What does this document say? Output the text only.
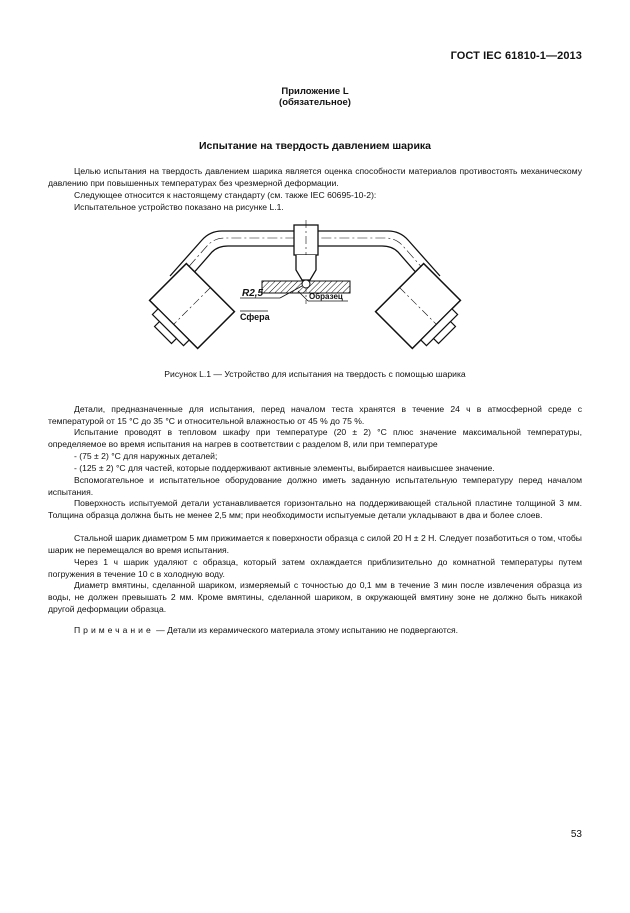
ГОСТ IEC 61810-1—2013
Приложение L
(обязательное)
Испытание на твердость давлением шарика
Целью испытания на твердость давлением шарика является оценка способности материалов противостоять механическому давлению при повышенных температурах без чрезмерной деформации.
Следующее относится к настоящему стандарту (см. также IEC 60695-10-2):
Испытательное устройство показано на рисунке L.1.
R2,5	Образец
Сфера
Рисунок L.1 — Устройство для испытания на твердость с помощью шарика
Детали, предназначенные для испытания, перед началом теста хранятся в течение 24 ч в атмосферной среде с температурой от 15 °С до 35 °С и относительной влажностью от 45 % до 75 %.
Испытание проводят в тепловом шкафу при температуре (20 ± 2) °С плюс значение максимальной температуры, определяемое во время испытания на нагрев в соответствии с разделом 8, или при температуре
- (75 ± 2) °С для наружных деталей;
- (125 ± 2) °С для частей, которые поддерживают активные элементы, выбирается наивысшее значение.
Вспомогательное и испытательное оборудование должно иметь заданную испытательную температуру перед началом испытания.
Поверхность испытуемой детали устанавливается горизонтально на поддерживающей стальной пластине толщиной 3 мм. Толщина образца должна быть не менее 2,5 мм; при необходимости испытуемые детали укладывают в два и более слоев.
Стальной шарик диаметром 5 мм прижимается к поверхности образца с силой 20 Н ± 2 Н. Следует позаботиться о том, чтобы шарик не перемещался во время испытания.
Через 1 ч шарик удаляют с образца, который затем охлаждается приблизительно до комнатной температуры путем погружения в течение 10 с в холодную воду.
Диаметр вмятины, сделанной шариком, измеряемый с точностью до 0,1 мм в течение 3 мин после извлечения образца из воды, не должен превышать 2 мм. Кроме вмятины, сделанной шариком, в окружающей вмятину зоне не должно быть никакой другой деформации образца.
Примечание — Детали из керамического материала этому испытанию не подвергаются.
53
